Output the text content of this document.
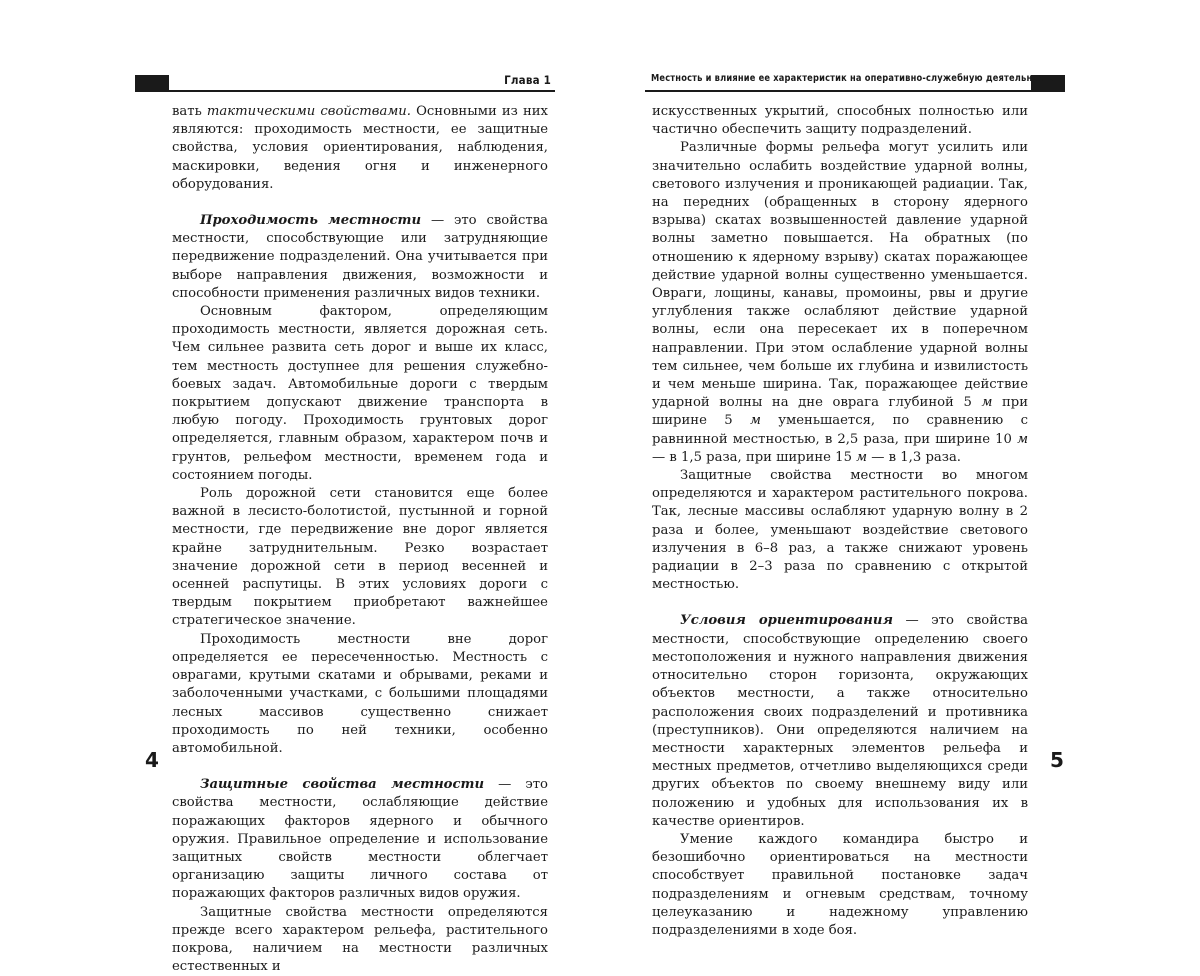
Глава 1	Местность и влияние ее характеристик на оперативно-служебную деятельность

вать тактическими свойствами. Основными из них являются: проходимость местности, ее защитные свойства, условия ориентирования, наблюдения, маскировки, ведения огня и инженерного оборудования.

Проходимость местности — это свойства местности, способствующие или затрудняющие передвижение подразделений. Она учитывается при выборе направления движения, возможности и способности применения различных видов техники.

Основным фактором, определяющим проходимость местности, является дорожная сеть. Чем сильнее развита сеть дорог и выше их класс, тем местность доступнее для решения служебно-боевых задач. Автомобильные дороги с твердым покрытием допускают движение транспорта в любую погоду. Проходимость грунтовых дорог определяется, главным образом, характером почв и грунтов, рельефом местности, временем года и состоянием погоды.

Роль дорожной сети становится еще более важной в лесисто-болотистой, пустынной и горной местности, где передвижение вне дорог является крайне затруднительным. Резко возрастает значение дорожной сети в период весенней и осенней распутицы. В этих условиях дороги с твердым покрытием приобретают важнейшее стратегическое значение.

Проходимость местности вне дорог определяется ее пересеченностью. Местность с оврагами, крутыми скатами и обрывами, реками и заболоченными участками, с большими площадями лесных массивов существенно снижает проходимость по ней техники, особенно автомобильной.

Защитные свойства местности — это свойства местности, ослабляющие действие поражающих факторов ядерного и обычного оружия. Правильное определение и использование защитных свойств местности облегчает организацию защиты личного состава от поражающих факторов различных видов оружия.

Защитные свойства местности определяются прежде всего характером рельефа, растительного покрова, наличием на местности различных естественных и

искусственных укрытий, способных полностью или частично обеспечить защиту подразделений.

Различные формы рельефа могут усилить или значительно ослабить воздействие ударной волны, светового излучения и проникающей радиации. Так, на передних (обращенных в сторону ядерного взрыва) скатах возвышенностей давление ударной волны заметно повышается. На обратных (по отношению к ядерному взрыву) скатах поражающее действие ударной волны существенно уменьшается. Овраги, лощины, канавы, промоины, рвы и другие углубления также ослабляют действие ударной волны, если она пересекает их в поперечном направлении. При этом ослабление ударной волны тем сильнее, чем больше их глубина и извилистость и чем меньше ширина. Так, поражающее действие ударной волны на дне оврага глубиной 5 м при ширине 5 м уменьшается, по сравнению с равнинной местностью, в 2,5 раза, при ширине 10 м — в 1,5 раза, при ширине 15 м — в 1,3 раза.

Защитные свойства местности во многом определяются и характером растительного покрова. Так, лесные массивы ослабляют ударную волну в 2 раза и более, уменьшают воздействие светового излучения в 6–8 раз, а также снижают уровень радиации в 2–3 раза по сравнению с открытой местностью.

Условия ориентирования — это свойства местности, способствующие определению своего местоположения и нужного направления движения относительно сторон горизонта, окружающих объектов местности, а также относительно расположения своих подразделений и противника (преступников). Они определяются наличием на местности характерных элементов рельефа и местных предметов, отчетливо выделяющихся среди других объектов по своему внешнему виду или положению и удобных для использования их в качестве ориентиров.

Умение каждого командира быстро и безошибочно ориентироваться на местности способствует правильной постановке задач подразделениям и огневым средствам, точному целеуказанию и надежному управлению подразделениями в ходе боя.

4	5
